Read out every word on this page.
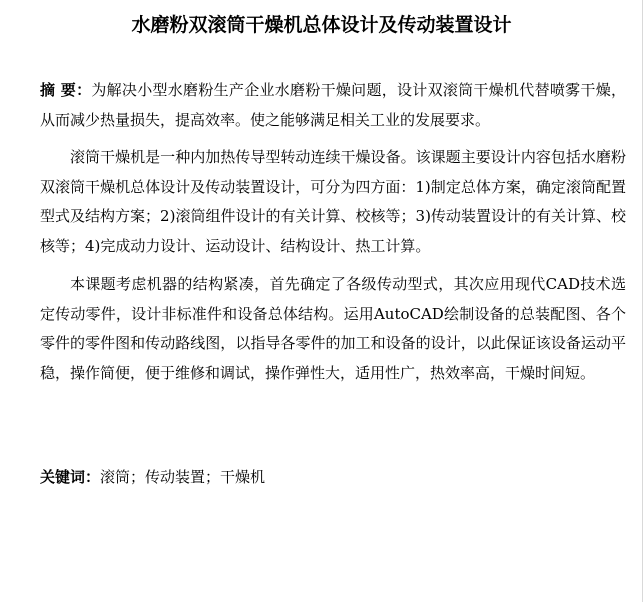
水磨粉双滚筒干燥机总体设计及传动装置设计

摘 要：为解决小型水磨粉生产企业水磨粉干燥问题，设计双滚筒干燥机代替喷雾干燥，从而减少热量损失，提高效率。使之能够满足相关工业的发展要求。

滚筒干燥机是一种内加热传导型转动连续干燥设备。该课题主要设计内容包括水磨粉双滚筒干燥机总体设计及传动装置设计，可分为四方面：1)制定总体方案，确定滚筒配置型式及结构方案；2)滚筒组件设计的有关计算、校核等；3)传动装置设计的有关计算、校核等；4)完成动力设计、运动设计、结构设计、热工计算。

本课题考虑机器的结构紧凑，首先确定了各级传动型式，其次应用现代CAD技术选定传动零件，设计非标准件和设备总体结构。运用AutoCAD绘制设备的总装配图、各个零件的零件图和传动路线图，以指导各零件的加工和设备的设计，以此保证该设备运动平稳，操作简便，便于维修和调试，操作弹性大，适用性广，热效率高，干燥时间短。

关键词：滚筒；传动装置；干燥机
